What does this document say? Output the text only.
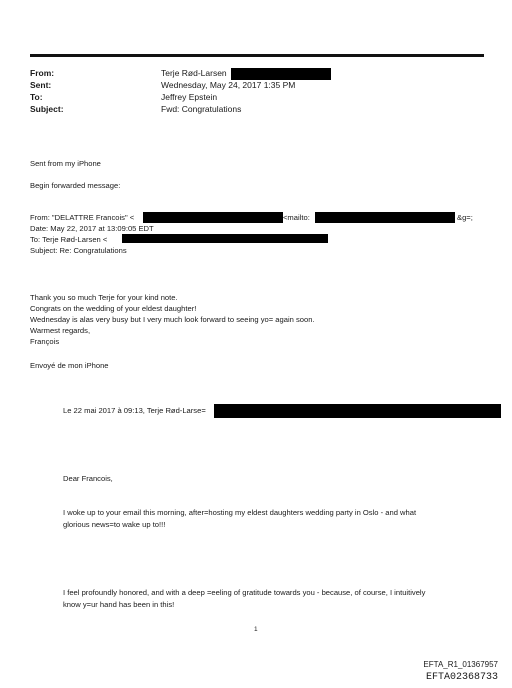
From:	Terje Rød-Larsen
Sent:	Wednesday, May 24, 2017 1:35 PM
To:	Jeffrey Epstein
Subject:	Fwd: Congratulations
Sent from my iPhone
Begin forwarded message:
From: "DELATTRE Francois" <	<mailto:	&g=;
Date: May 22, 2017 at 13:09:05 EDT
To: Terje Rød-Larsen <
Subject: Re: Congratulations
Thank you so much Terje for your kind note.
Congrats on the wedding of your eldest daughter!
Wednesday is alas very busy but I very much look forward to seeing yo= again soon.
Warmest regards,
François
Envoyé de mon iPhone
Le 22 mai 2017 à 09:13, Terje Rød-Larse=
Dear Francois,
I woke up to your email this morning, after=hosting my eldest daughters wedding party in Oslo - and what
glorious news=to wake up to!!!
I feel profoundly honored, and with a deep =eeling of gratitude towards you - because, of course, I intuitively
know y=ur hand has been in this!
1
EFTA_R1_01367957
EFTA02368733
